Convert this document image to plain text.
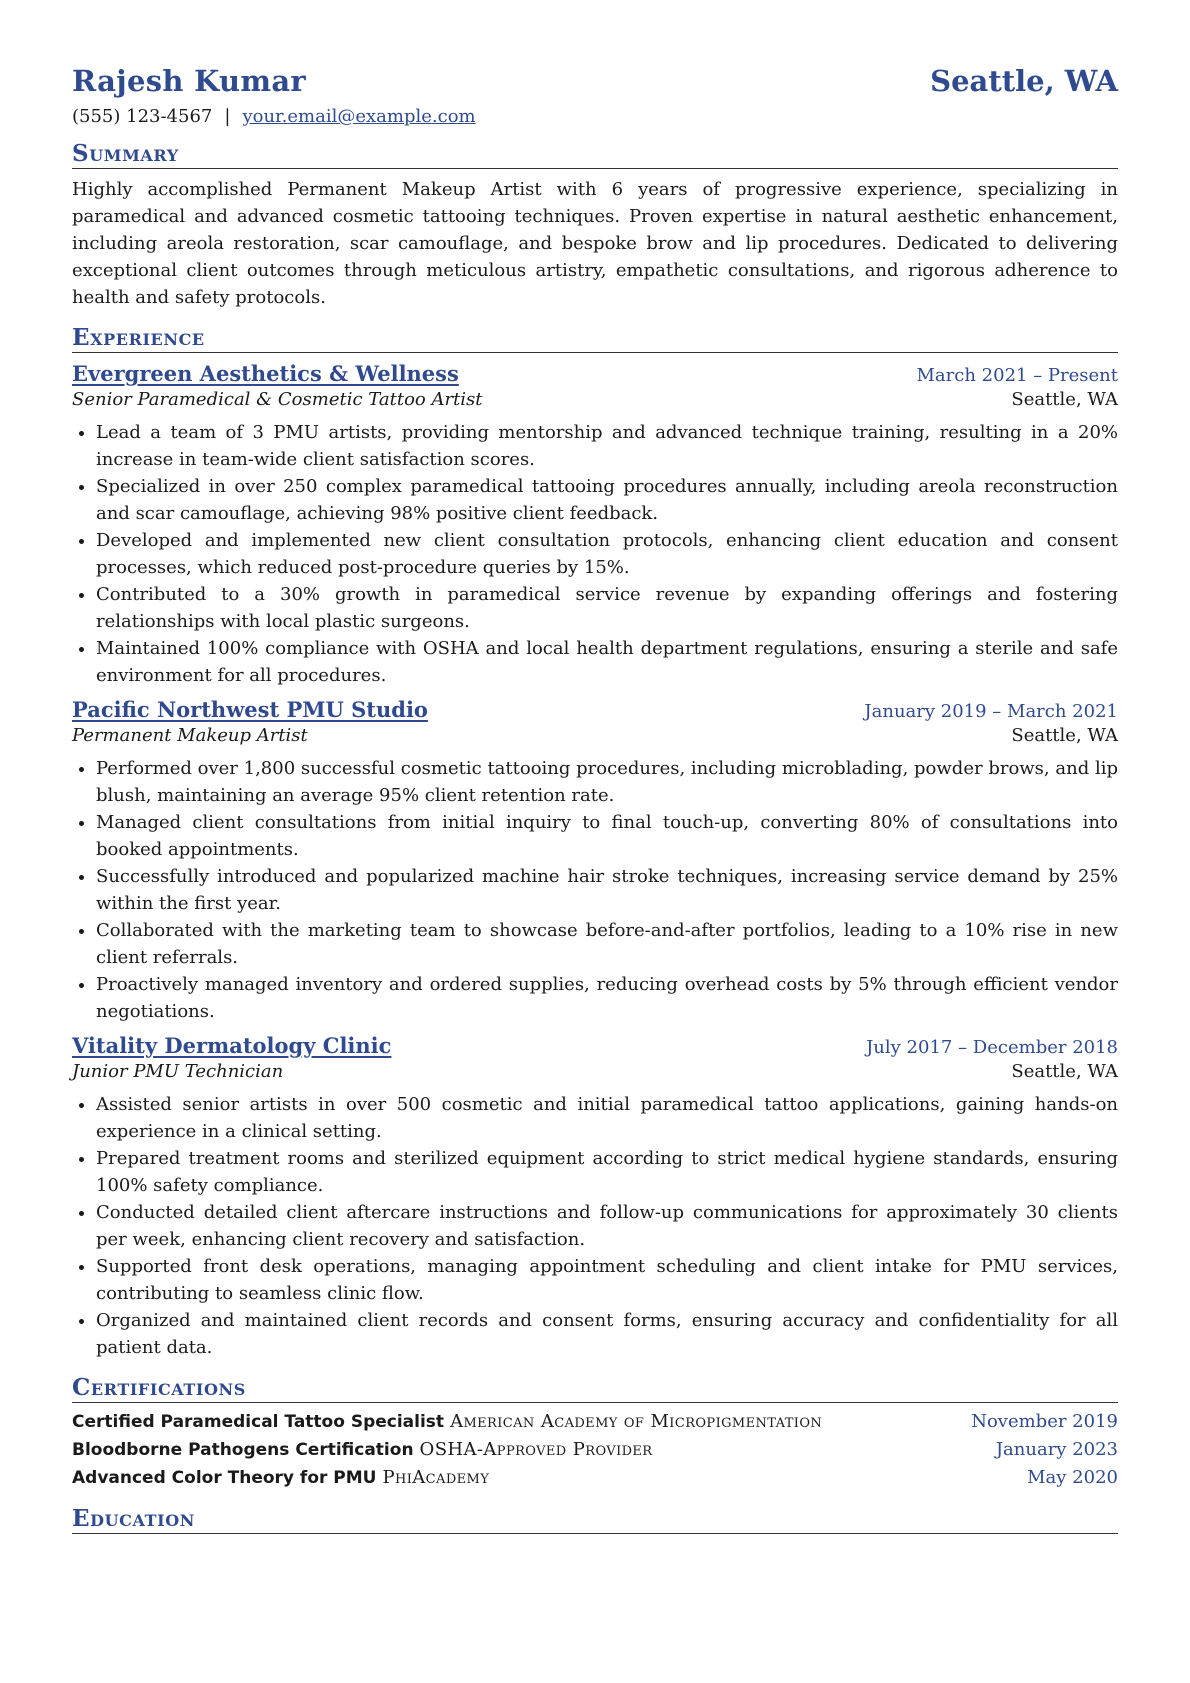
Rajesh Kumar	Seattle, WA
(555) 123-4567 | your.email@example.com
Summary
Highly accomplished Permanent Makeup Artist with 6 years of progressive experience, specializing in paramedical and advanced cosmetic tattooing techniques. Proven expertise in natural aesthetic enhancement, including areola restoration, scar camouflage, and bespoke brow and lip procedures. Dedicated to delivering exceptional client outcomes through meticulous artistry, empathetic consultations, and rigorous adherence to health and safety protocols.
Experience
Evergreen Aesthetics & Wellness	March 2021 – Present
Senior Paramedical & Cosmetic Tattoo Artist	Seattle, WA
• Lead a team of 3 PMU artists, providing mentorship and advanced technique training, resulting in a 20% increase in team-wide client satisfaction scores.
• Specialized in over 250 complex paramedical tattooing procedures annually, including areola reconstruction and scar camouflage, achieving 98% positive client feedback.
• Developed and implemented new client consultation protocols, enhancing client education and consent processes, which reduced post-procedure queries by 15%.
• Contributed to a 30% growth in paramedical service revenue by expanding offerings and fostering relationships with local plastic surgeons.
• Maintained 100% compliance with OSHA and local health department regulations, ensuring a sterile and safe environment for all procedures.
Pacific Northwest PMU Studio	January 2019 – March 2021
Permanent Makeup Artist	Seattle, WA
• Performed over 1,800 successful cosmetic tattooing procedures, including microblading, powder brows, and lip blush, maintaining an average 95% client retention rate.
• Managed client consultations from initial inquiry to final touch-up, converting 80% of consultations into booked appointments.
• Successfully introduced and popularized machine hair stroke techniques, increasing service demand by 25% within the first year.
• Collaborated with the marketing team to showcase before-and-after portfolios, leading to a 10% rise in new client referrals.
• Proactively managed inventory and ordered supplies, reducing overhead costs by 5% through efficient vendor negotiations.
Vitality Dermatology Clinic	July 2017 – December 2018
Junior PMU Technician	Seattle, WA
• Assisted senior artists in over 500 cosmetic and initial paramedical tattoo applications, gaining hands-on experience in a clinical setting.
• Prepared treatment rooms and sterilized equipment according to strict medical hygiene standards, ensuring 100% safety compliance.
• Conducted detailed client aftercare instructions and follow-up communications for approximately 30 clients per week, enhancing client recovery and satisfaction.
• Supported front desk operations, managing appointment scheduling and client intake for PMU services, contributing to seamless clinic flow.
• Organized and maintained client records and consent forms, ensuring accuracy and confidentiality for all patient data.
Certifications
Certified Paramedical Tattoo Specialist American Academy of Micropigmentation	November 2019
Bloodborne Pathogens Certification OSHA-Approved Provider	January 2023
Advanced Color Theory for PMU PhiAcademy	May 2020
Education
